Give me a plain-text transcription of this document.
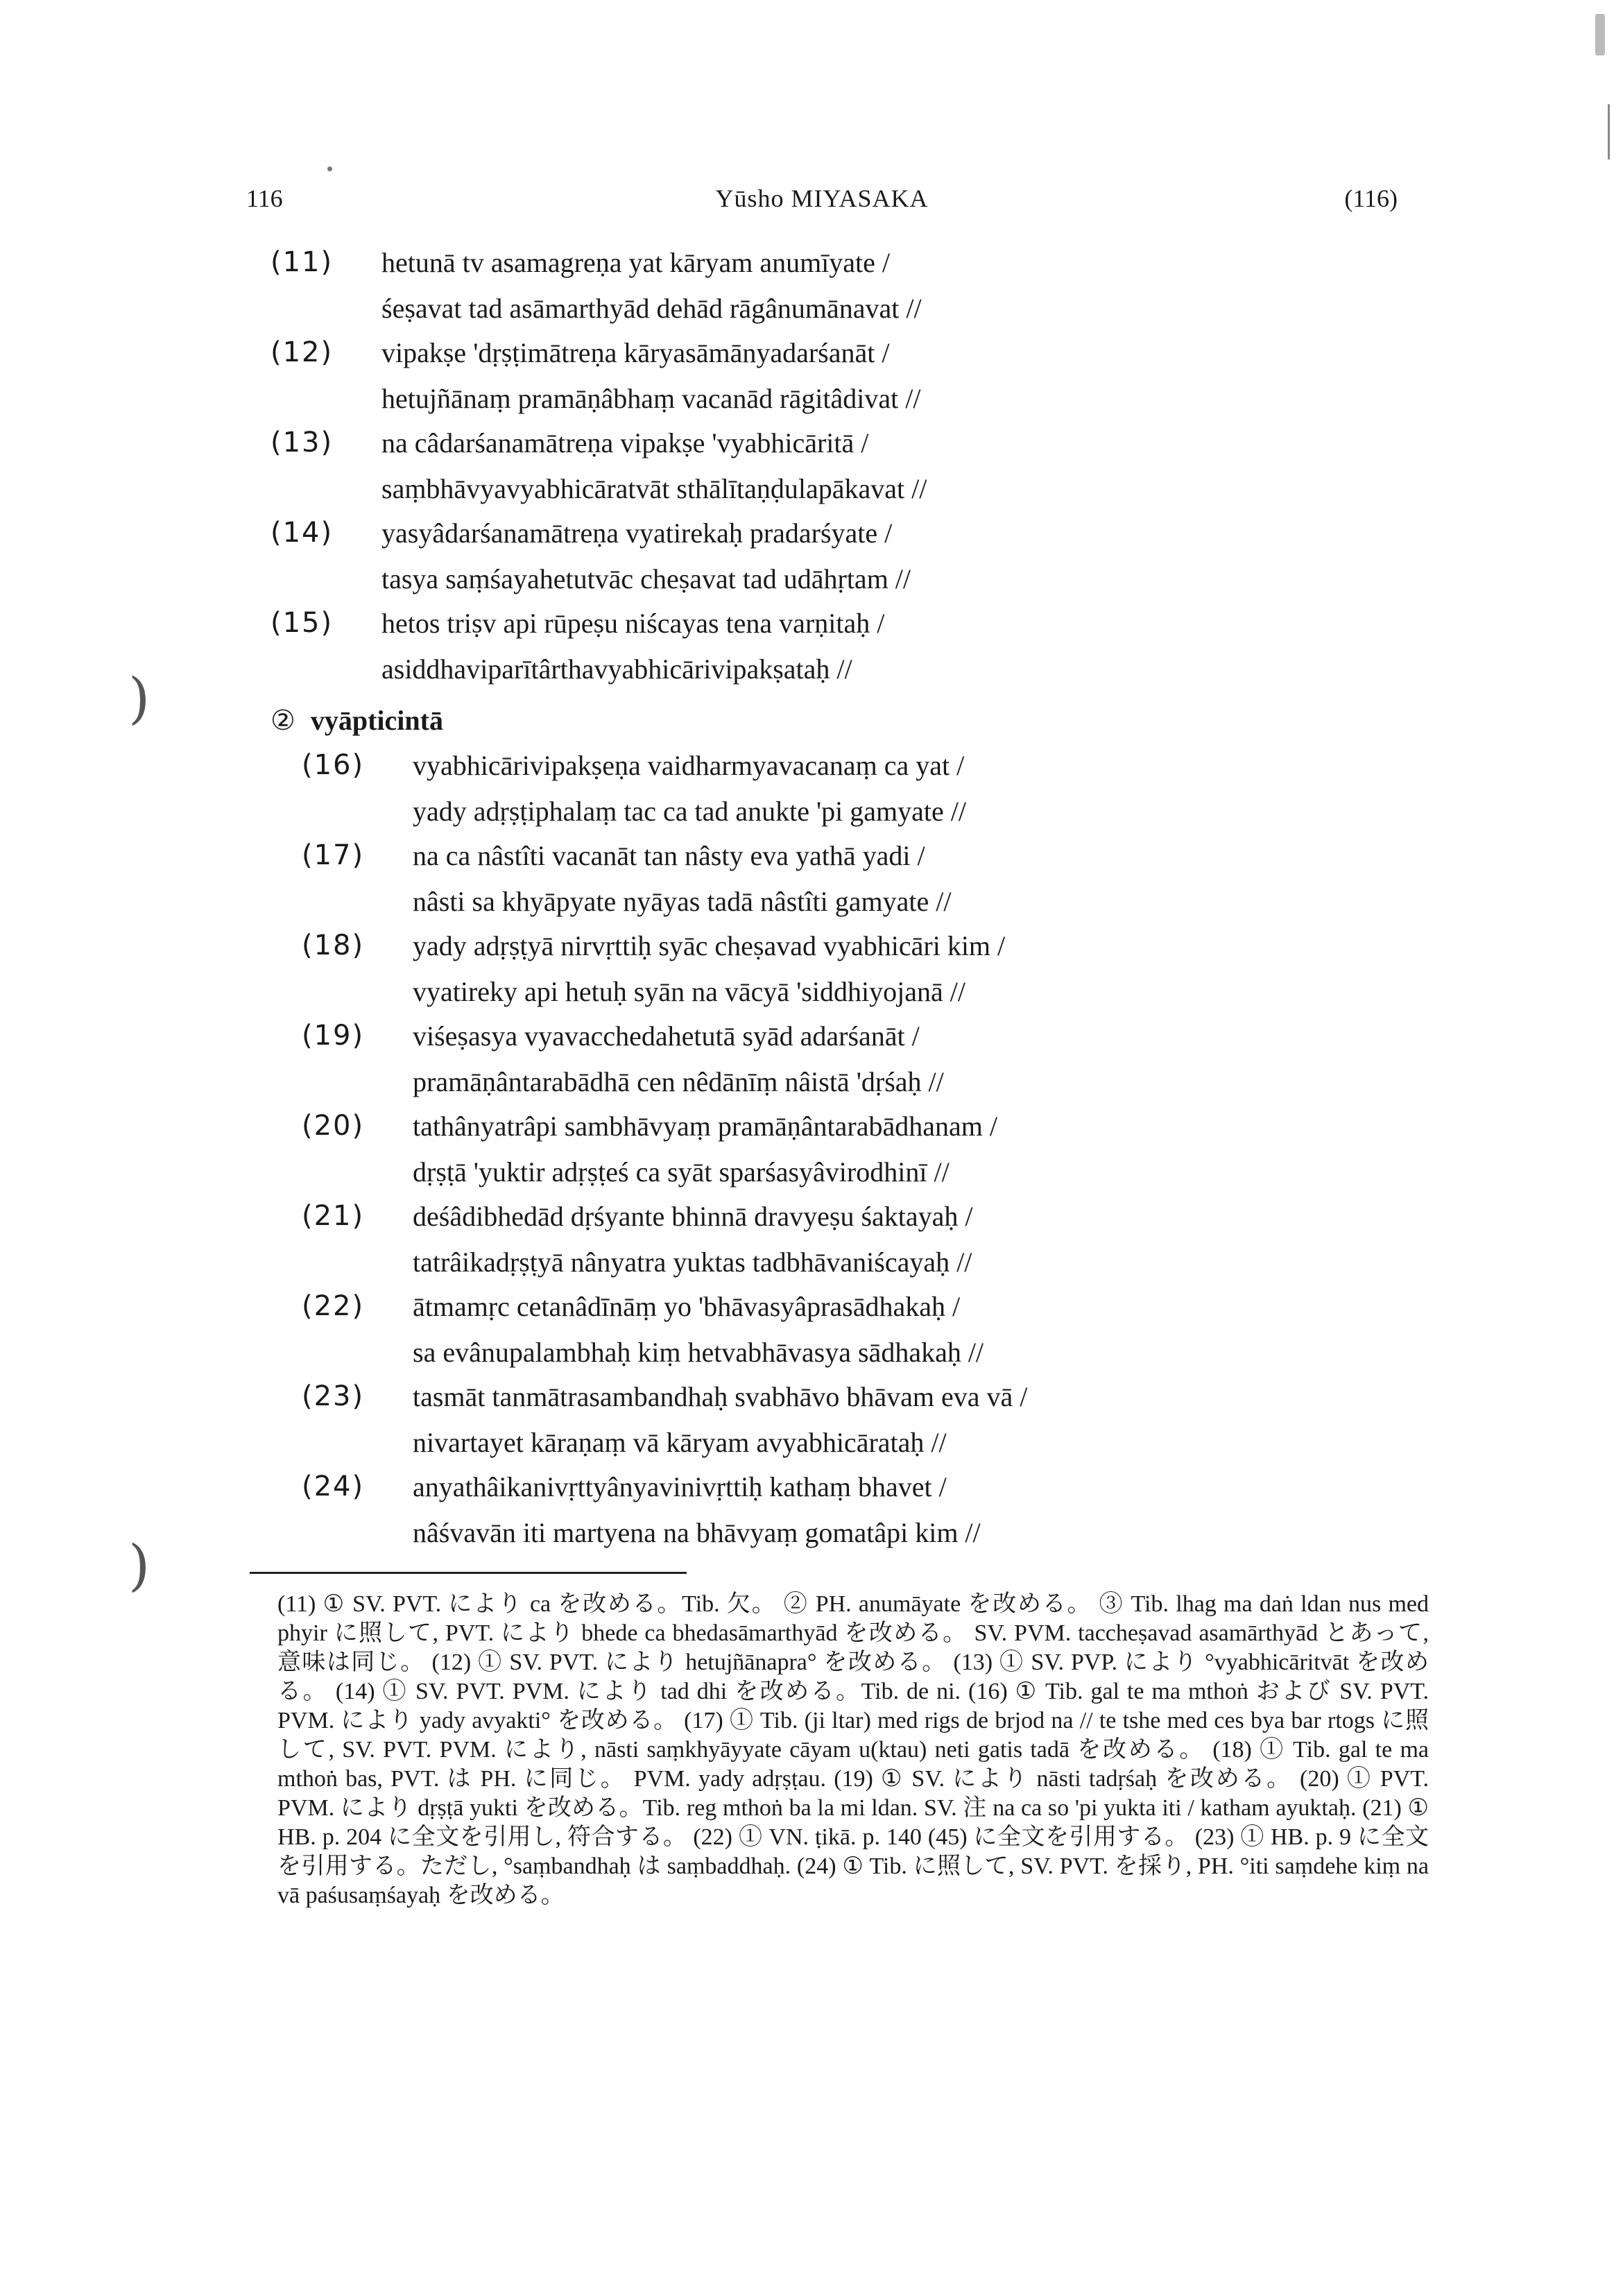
116	Yūsho MIYASAKA	(116)
(11) hetunā tv asamagreṇa yat kāryam anumīyate /
śeṣavat tad asāmarthyād dehād rāgânumānavat //
(12) vipakṣe 'dṛṣṭimātreṇa kāryasāmānyadarśanāt /
hetujñānaṃ pramāṇâbhaṃ vacanād rāgitâdivat //
(13) na câdarśanamātreṇa vipakṣe 'vyabhicāritā /
saṃbhāvyavyabhicāratvāt sthālītaṇḍulapākavat //
(14) yasyâdarśanamātreṇa vyatirekaḥ pradarśyate /
tasya saṃśayahetutvāc cheṣavat tad udāhṛtam //
(15) hetos triṣv api rūpeṣu niścayas tena varṇitaḥ /
asiddhaviparītârthavyabhicārivipakṣataḥ //
② vyāpticintā
(16) vyabhicārivipakṣeṇa vaidharmyavacanaṃ ca yat /
yady adṛṣṭiphalaṃ tac ca tad anukte 'pi gamyate //
(17) na ca nâstîti vacanāt tan nâsty eva yathā yadi /
nâsti sa khyāpyate nyāyas tadā nâstîti gamyate //
(18) yady adṛṣṭyā nirvṛttiḥ syāc cheṣavad vyabhicāri kim /
vyatireky api hetuḥ syān na vācyā 'siddhiyojanā //
(19) viśeṣasya vyavacchedahetutā syād adarśanāt /
pramāṇântarabādhā cen nêdānīṃ nâistā 'dṛśaḥ //
(20) tathânyatrâpi sambhāvyaṃ pramāṇântarabādhanam /
dṛṣṭā 'yuktir adṛṣṭeś ca syāt sparśasyâvirodhinī //
(21) deśâdibhedād dṛśyante bhinnā dravyeṣu śaktayaḥ /
tatrâikadṛṣṭyā nânyatra yuktas tadbhāvaniścayaḥ //
(22) ātmamṛc cetanâdīnāṃ yo 'bhāvasyâprasādhakaḥ /
sa evânupalambhaḥ kiṃ hetvabhāvasya sādhakaḥ //
(23) tasmāt tanmātrasambandhaḥ svabhāvo bhāvam eva vā /
nivartayet kāraṇaṃ vā kāryam avyabhicārataḥ //
(24) anyathâikanivṛttyânyavinivṛttiḥ kathaṃ bhavet /
nâśvavān iti martyena na bhāvyaṃ gomatâpi kim //
(11) ① SV. PVT. により ca を改める。Tib. 欠。 ② PH. anumāyate を改める。 ③ Tib. lhag ma daṅ ldan nus med phyir に照して, PVT. により bhede ca bhedasāmarthyād を改める。 SV. PVM. taccheṣavad asamārthyād とあって, 意味は同じ。 (12) ① SV. PVT. により hetujñānapra° を改める。 (13) ① SV. PVP. により °vyabhicāritvāt を改める。 (14) ① SV. PVT. PVM. により tad dhi を改める。Tib. de ni. (16) ① Tib. gal te ma mthoṅ および SV. PVT. PVM. により yady avyakti° を改める。 (17) ① Tib. (ji ltar) med rigs de brjod na // te tshe med ces bya bar rtogs に照して, SV. PVT. PVM. により, nāsti saṃkhyāyyate cāyam u(ktau) neti gatis tadā を改める。 (18) ① Tib. gal te ma mthoṅ bas, PVT. は PH. に同じ。 PVM. yady adṛṣṭau. (19) ① SV. により nāsti tadṛśaḥ を改める。 (20) ① PVT. PVM. により dṛṣṭā yukti を改める。Tib. reg mthoṅ ba la mi ldan. SV. 注 na ca so 'pi yukta iti / katham ayuktaḥ. (21) ① HB. p. 204 に全文を引用し, 符合する。 (22) ① VN. ṭikā. p. 140 (45) に全文を引用する。 (23) ① HB. p. 9 に全文を引用する。ただし, °saṃbandhaḥ は saṃbaddhaḥ. (24) ① Tib. に照して, SV. PVT. を採り, PH. °iti saṃdehe kiṃ na vā paśusaṃśayaḥ を改める。
)
)
